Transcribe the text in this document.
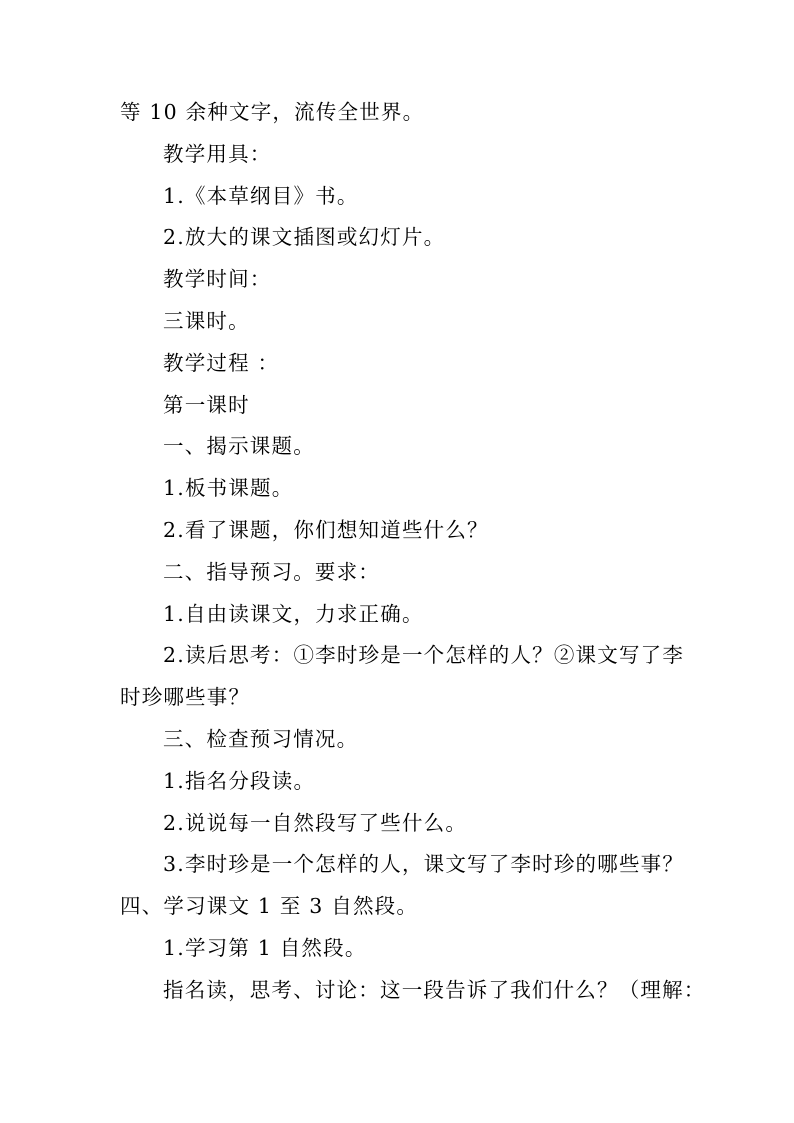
等 10 余种文字，流传全世界。
教学用具：
1.《本草纲目》书。
2.放大的课文插图或幻灯片。
教学时间：
三课时。
教学过程 ：
第一课时
一、揭示课题。
1.板书课题。
2.看了课题，你们想知道些什么？
二、指导预习。要求：
1.自由读课文，力求正确。
2.读后思考：①李时珍是一个怎样的人？②课文写了李
时珍哪些事？
三、检查预习情况。
1.指名分段读。
2.说说每一自然段写了些什么。
3.李时珍是一个怎样的人，课文写了李时珍的哪些事？
四、学习课文 1 至 3 自然段。
1.学习第 1 自然段。
指名读，思考、讨论：这一段告诉了我们什么？（理解：
